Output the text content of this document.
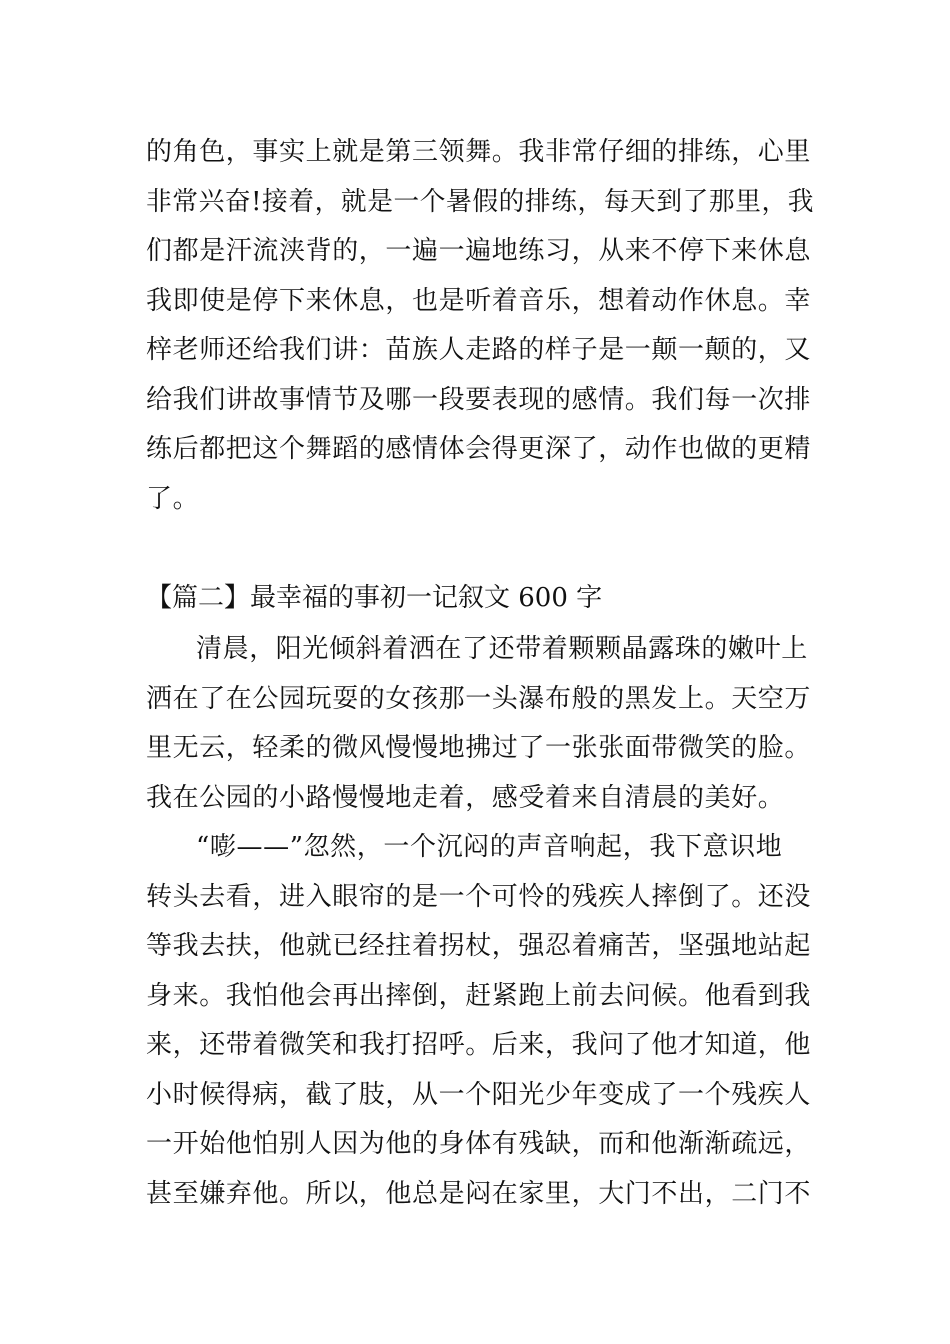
的角色，事实上就是第三领舞。我非常仔细的排练，心里
非常兴奋!接着，就是一个暑假的排练，每天到了那里，我
们都是汗流浃背的，一遍一遍地练习，从来不停下来休息
我即使是停下来休息，也是听着音乐，想着动作休息。幸
梓老师还给我们讲：苗族人走路的样子是一颠一颠的，又
给我们讲故事情节及哪一段要表现的感情。我们每一次排
练后都把这个舞蹈的感情体会得更深了，动作也做的更精
了。
【篇二】最幸福的事初一记叙文 600 字
清晨，阳光倾斜着洒在了还带着颗颗晶露珠的嫩叶上
洒在了在公园玩耍的女孩那一头瀑布般的黑发上。天空万
里无云，轻柔的微风慢慢地拂过了一张张面带微笑的脸。
我在公园的小路慢慢地走着，感受着来自清晨的美好。
“嘭——”忽然，一个沉闷的声音响起，我下意识地
转头去看，进入眼帘的是一个可怜的残疾人摔倒了。还没
等我去扶，他就已经拄着拐杖，强忍着痛苦，坚强地站起
身来。我怕他会再出摔倒，赶紧跑上前去问候。他看到我
来，还带着微笑和我打招呼。后来，我问了他才知道，他
小时候得病，截了肢，从一个阳光少年变成了一个残疾人
一开始他怕别人因为他的身体有残缺，而和他渐渐疏远，
甚至嫌弃他。所以，他总是闷在家里，大门不出，二门不
